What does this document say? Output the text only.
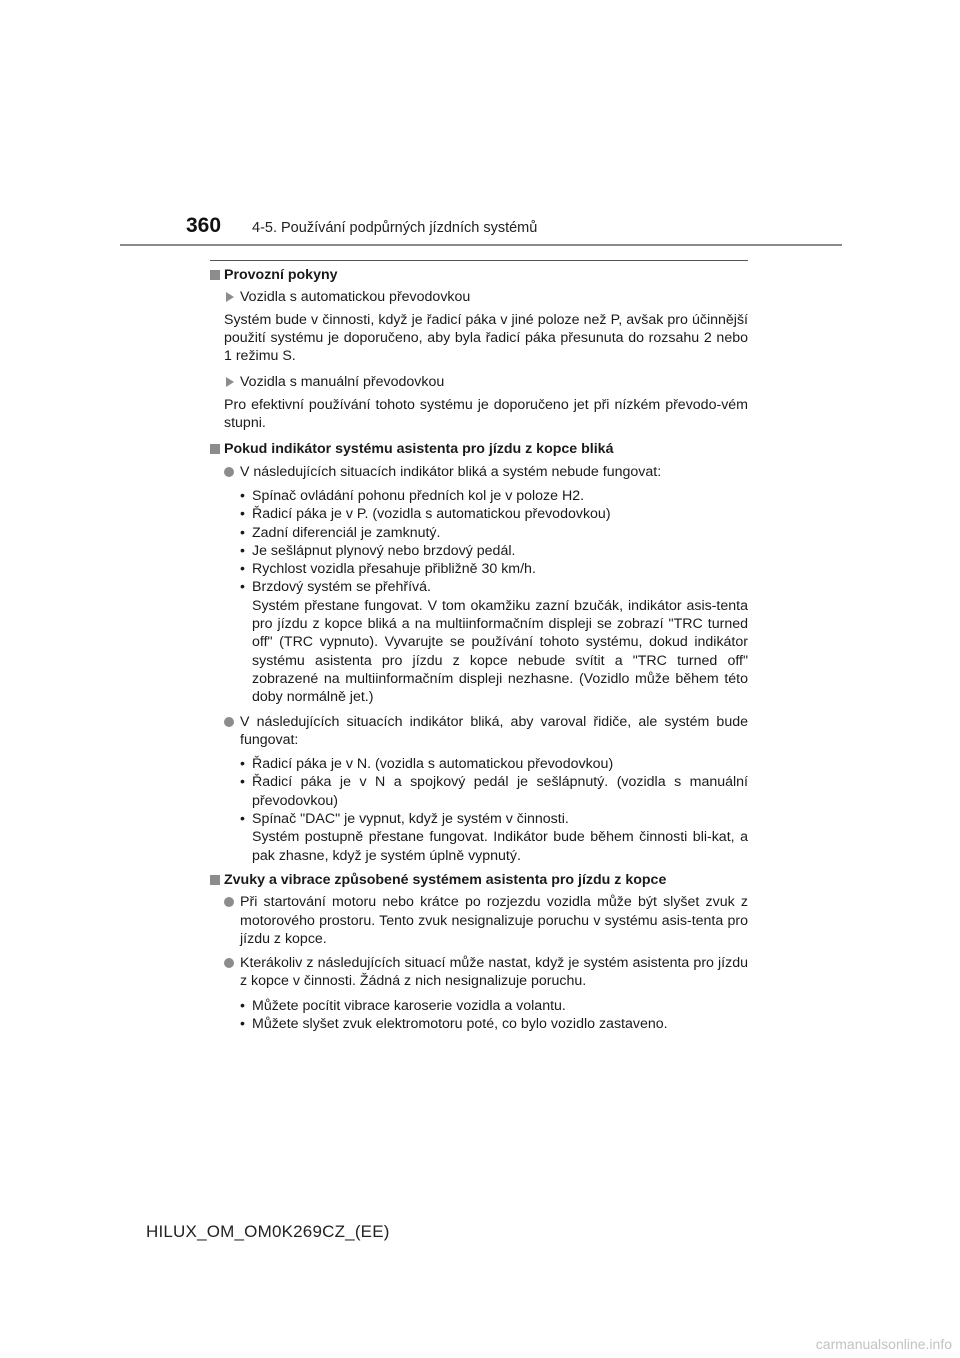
360 4-5. Používání podpůrných jízdních systémů
Provozní pokyny
Vozidla s automatickou převodovkou
Systém bude v činnosti, když je řadicí páka v jiné poloze než P, avšak pro účinnější použití systému je doporučeno, aby byla řadicí páka přesunuta do rozsahu 2 nebo 1 režimu S.
Vozidla s manuální převodovkou
Pro efektivní používání tohoto systému je doporučeno jet při nízkém převodo-vém stupni.
Pokud indikátor systému asistenta pro jízdu z kopce bliká
V následujících situacích indikátor bliká a systém nebude fungovat:
• Spínač ovládání pohonu předních kol je v poloze H2.
• Řadicí páka je v P. (vozidla s automatickou převodovkou)
• Zadní diferenciál je zamknutý.
• Je sešlápnut plynový nebo brzdový pedál.
• Rychlost vozidla přesahuje přibližně 30 km/h.
• Brzdový systém se přehřívá.
Systém přestane fungovat. V tom okamžiku zazní bzučák, indikátor asis-tenta pro jízdu z kopce bliká a na multiinformačním displeji se zobrazí "TRC turned off" (TRC vypnuto). Vyvarujte se používání tohoto systému, dokud indikátor systému asistenta pro jízdu z kopce nebude svítit a "TRC turned off" zobrazené na multiinformačním displeji nezhasne. (Vozidlo může během této doby normálně jet.)
V následujících situacích indikátor bliká, aby varoval řidiče, ale systém bude fungovat:
• Řadicí páka je v N. (vozidla s automatickou převodovkou)
• Řadicí páka je v N a spojkový pedál je sešlápnutý. (vozidla s manuální převodovkou)
• Spínač "DAC" je vypnut, když je systém v činnosti.
Systém postupně přestane fungovat. Indikátor bude během činnosti bli-kat, a pak zhasne, když je systém úplně vypnutý.
Zvuky a vibrace způsobené systémem asistenta pro jízdu z kopce
Při startování motoru nebo krátce po rozjezdu vozidla může být slyšet zvuk z motorového prostoru. Tento zvuk nesignalizuje poruchu v systému asis-tenta pro jízdu z kopce.
Kterákoliv z následujících situací může nastat, když je systém asistenta pro jízdu z kopce v činnosti. Žádná z nich nesignalizuje poruchu.
• Můžete pocítit vibrace karoserie vozidla a volantu.
• Můžete slyšet zvuk elektromotoru poté, co bylo vozidlo zastaveno.
HILUX_OM_OM0K269CZ_(EE)
carmanualsonline.info
